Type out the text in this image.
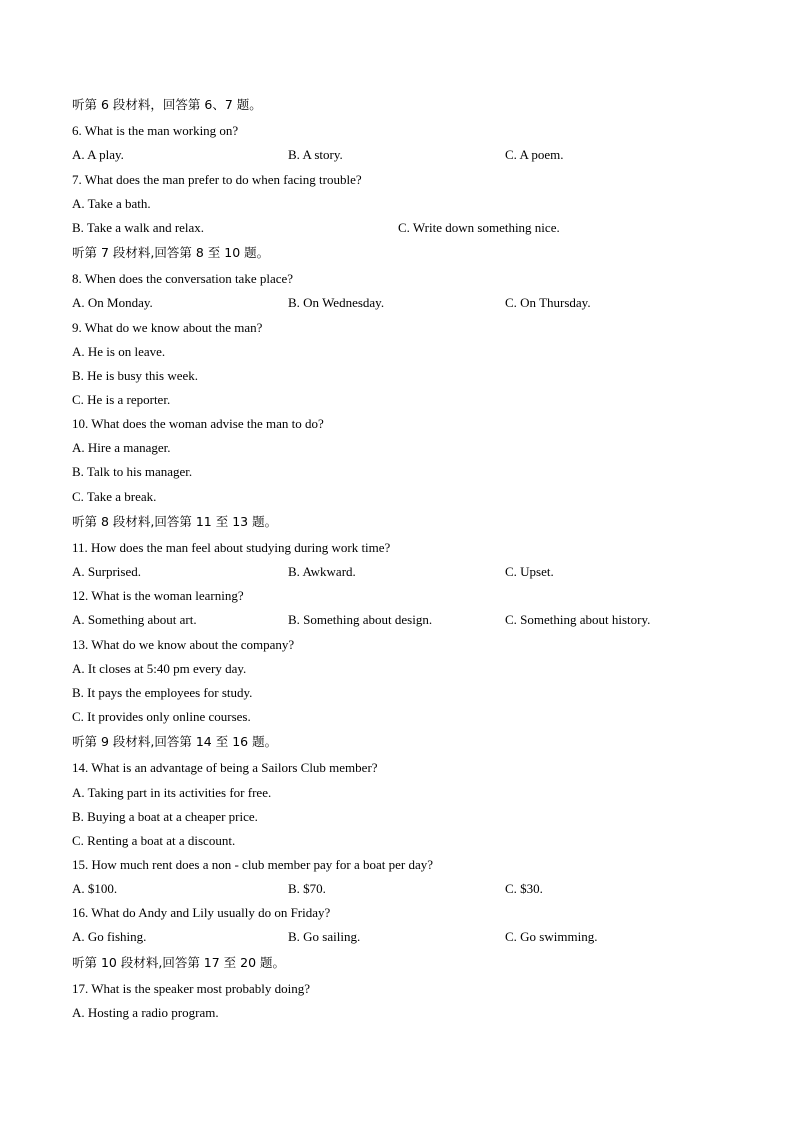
听第 6 段材料，回答第 6、7 题。
6. What is the man working on?
A. A play.	B. A story.	C. A poem.
7. What does the man prefer to do when facing trouble?
A. Take a bath.
B. Take a walk and relax.	C. Write down something nice.
听第 7 段材料,回答第 8 至 10 题。
8. When does the conversation take place?
A. On Monday.	B. On Wednesday.	C. On Thursday.
9. What do we know about the man?
A. He is on leave.
B. He is busy this week.
C. He is a reporter.
10. What does the woman advise the man to do?
A. Hire a manager.
B. Talk to his manager.
C. Take a break.
听第 8 段材料,回答第 11 至 13 题。
11. How does the man feel about studying during work time?
A. Surprised.	B. Awkward.	C. Upset.
12. What is the woman learning?
A. Something about art.	B. Something about design.	C. Something about history.
13. What do we know about the company?
A. It closes at 5:40 pm every day.
B. It pays the employees for study.
C. It provides only online courses.
听第 9 段材料,回答第 14 至 16 题。
14. What is an advantage of being a Sailors Club member?
A. Taking part in its activities for free.
B. Buying a boat at a cheaper price.
C. Renting a boat at a discount.
15. How much rent does a non - club member pay for a boat per day?
A. $100.	B. $70.	C. $30.
16. What do Andy and Lily usually do on Friday?
A. Go fishing.	B. Go sailing.	C. Go swimming.
听第 10 段材料,回答第 17 至 20 题。
17. What is the speaker most probably doing?
A. Hosting a radio program.
